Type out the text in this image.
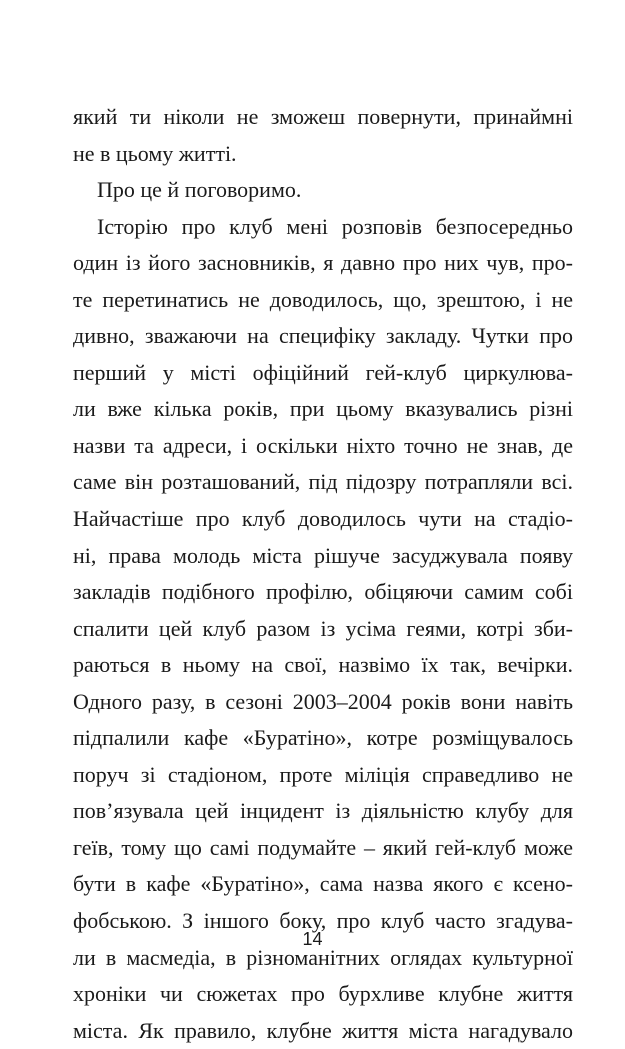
який ти ніколи не зможеш повернути, принаймні
не в цьому житті.
Про це й поговоримо.
Історію про клуб мені розповів безпосередньо
один із його засновників, я давно про них чув, про-
те перетинатись не доводилось, що, зрештою, і не
дивно, зважаючи на специфіку закладу. Чутки про
перший у місті офіційний гей-клуб циркулюва-
ли вже кілька років, при цьому вказувались різні
назви та адреси, і оскільки ніхто точно не знав, де
саме він розташований, під підозру потрапляли всі.
Найчастіше про клуб доводилось чути на стадіо-
ні, права молодь міста рішуче засуджувала появу
закладів подібного профілю, обіцяючи самим собі
спалити цей клуб разом із усіма геями, котрі зби-
раються в ньому на свої, назвімо їх так, вечірки.
Одного разу, в сезоні 2003–2004 років вони навіть
підпалили кафе «Буратіно», котре розміщувалось
поруч зі стадіоном, проте міліція справедливо не
пов’язувала цей інцидент із діяльністю клубу для
геїв, тому що самі подумайте – який гей-клуб може
бути в кафе «Буратіно», сама назва якого є ксено-
фобською. З іншого боку, про клуб часто згадува-
ли в масмедіа, в різноманітних оглядах культурної
хроніки чи сюжетах про бурхливе клубне життя
міста. Як правило, клубне життя міста нагадувало
14
